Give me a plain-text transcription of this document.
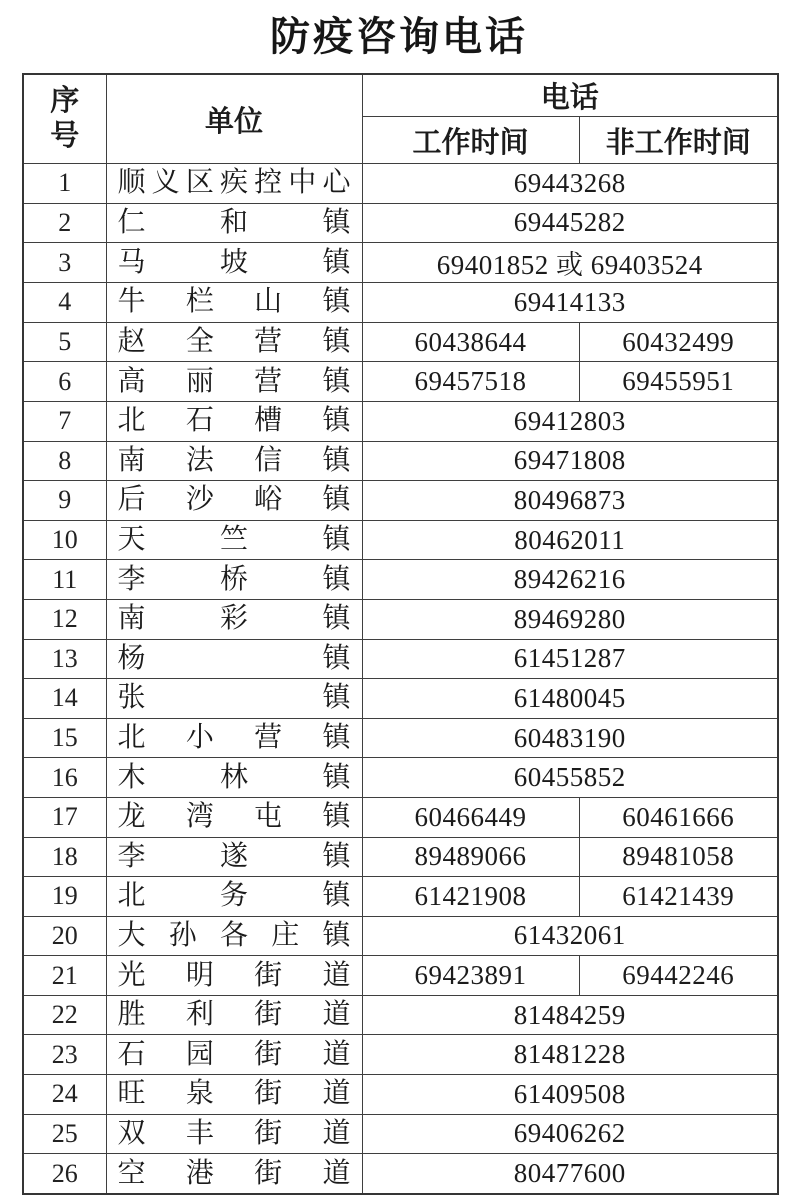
防疫咨询电话
序号	单位	电话	
		工作时间	非工作时间
1	顺 义 区 疾 控 中 心	69443268
2	仁 和 镇	69445282	
3	马 坡 镇	69401852 或 69403524	
4	牛 栏 山 镇	69414133	
5	赵 全 营 镇	60438644	60432499
6	高 丽 营 镇	69457518	69455951
7	北 石 槽 镇	69412803	
8	南 法 信 镇	69471808	
9	后 沙 峪 镇	80496873	
10	天 竺 镇	80462011	
11	李 桥 镇	89426216	
12	南 彩 镇	89469280	
13	杨 镇	61451287	
14	张 镇	61480045	
15	北 小 营 镇	60483190	
16	木 林 镇	60455852	
17	龙 湾 屯 镇	60466449	60461666
18	李 遂 镇	89489066	89481058
19	北 务 镇	61421908	61421439
20	大 孙 各 庄 镇	61432061	
21	光 明 街 道	69423891	69442246
22	胜 利 街 道	81484259	
23	石 园 街 道	81481228	
24	旺 泉 街 道	61409508	
25	双 丰 街 道	69406262	
26	空 港 街 道	80477600	
